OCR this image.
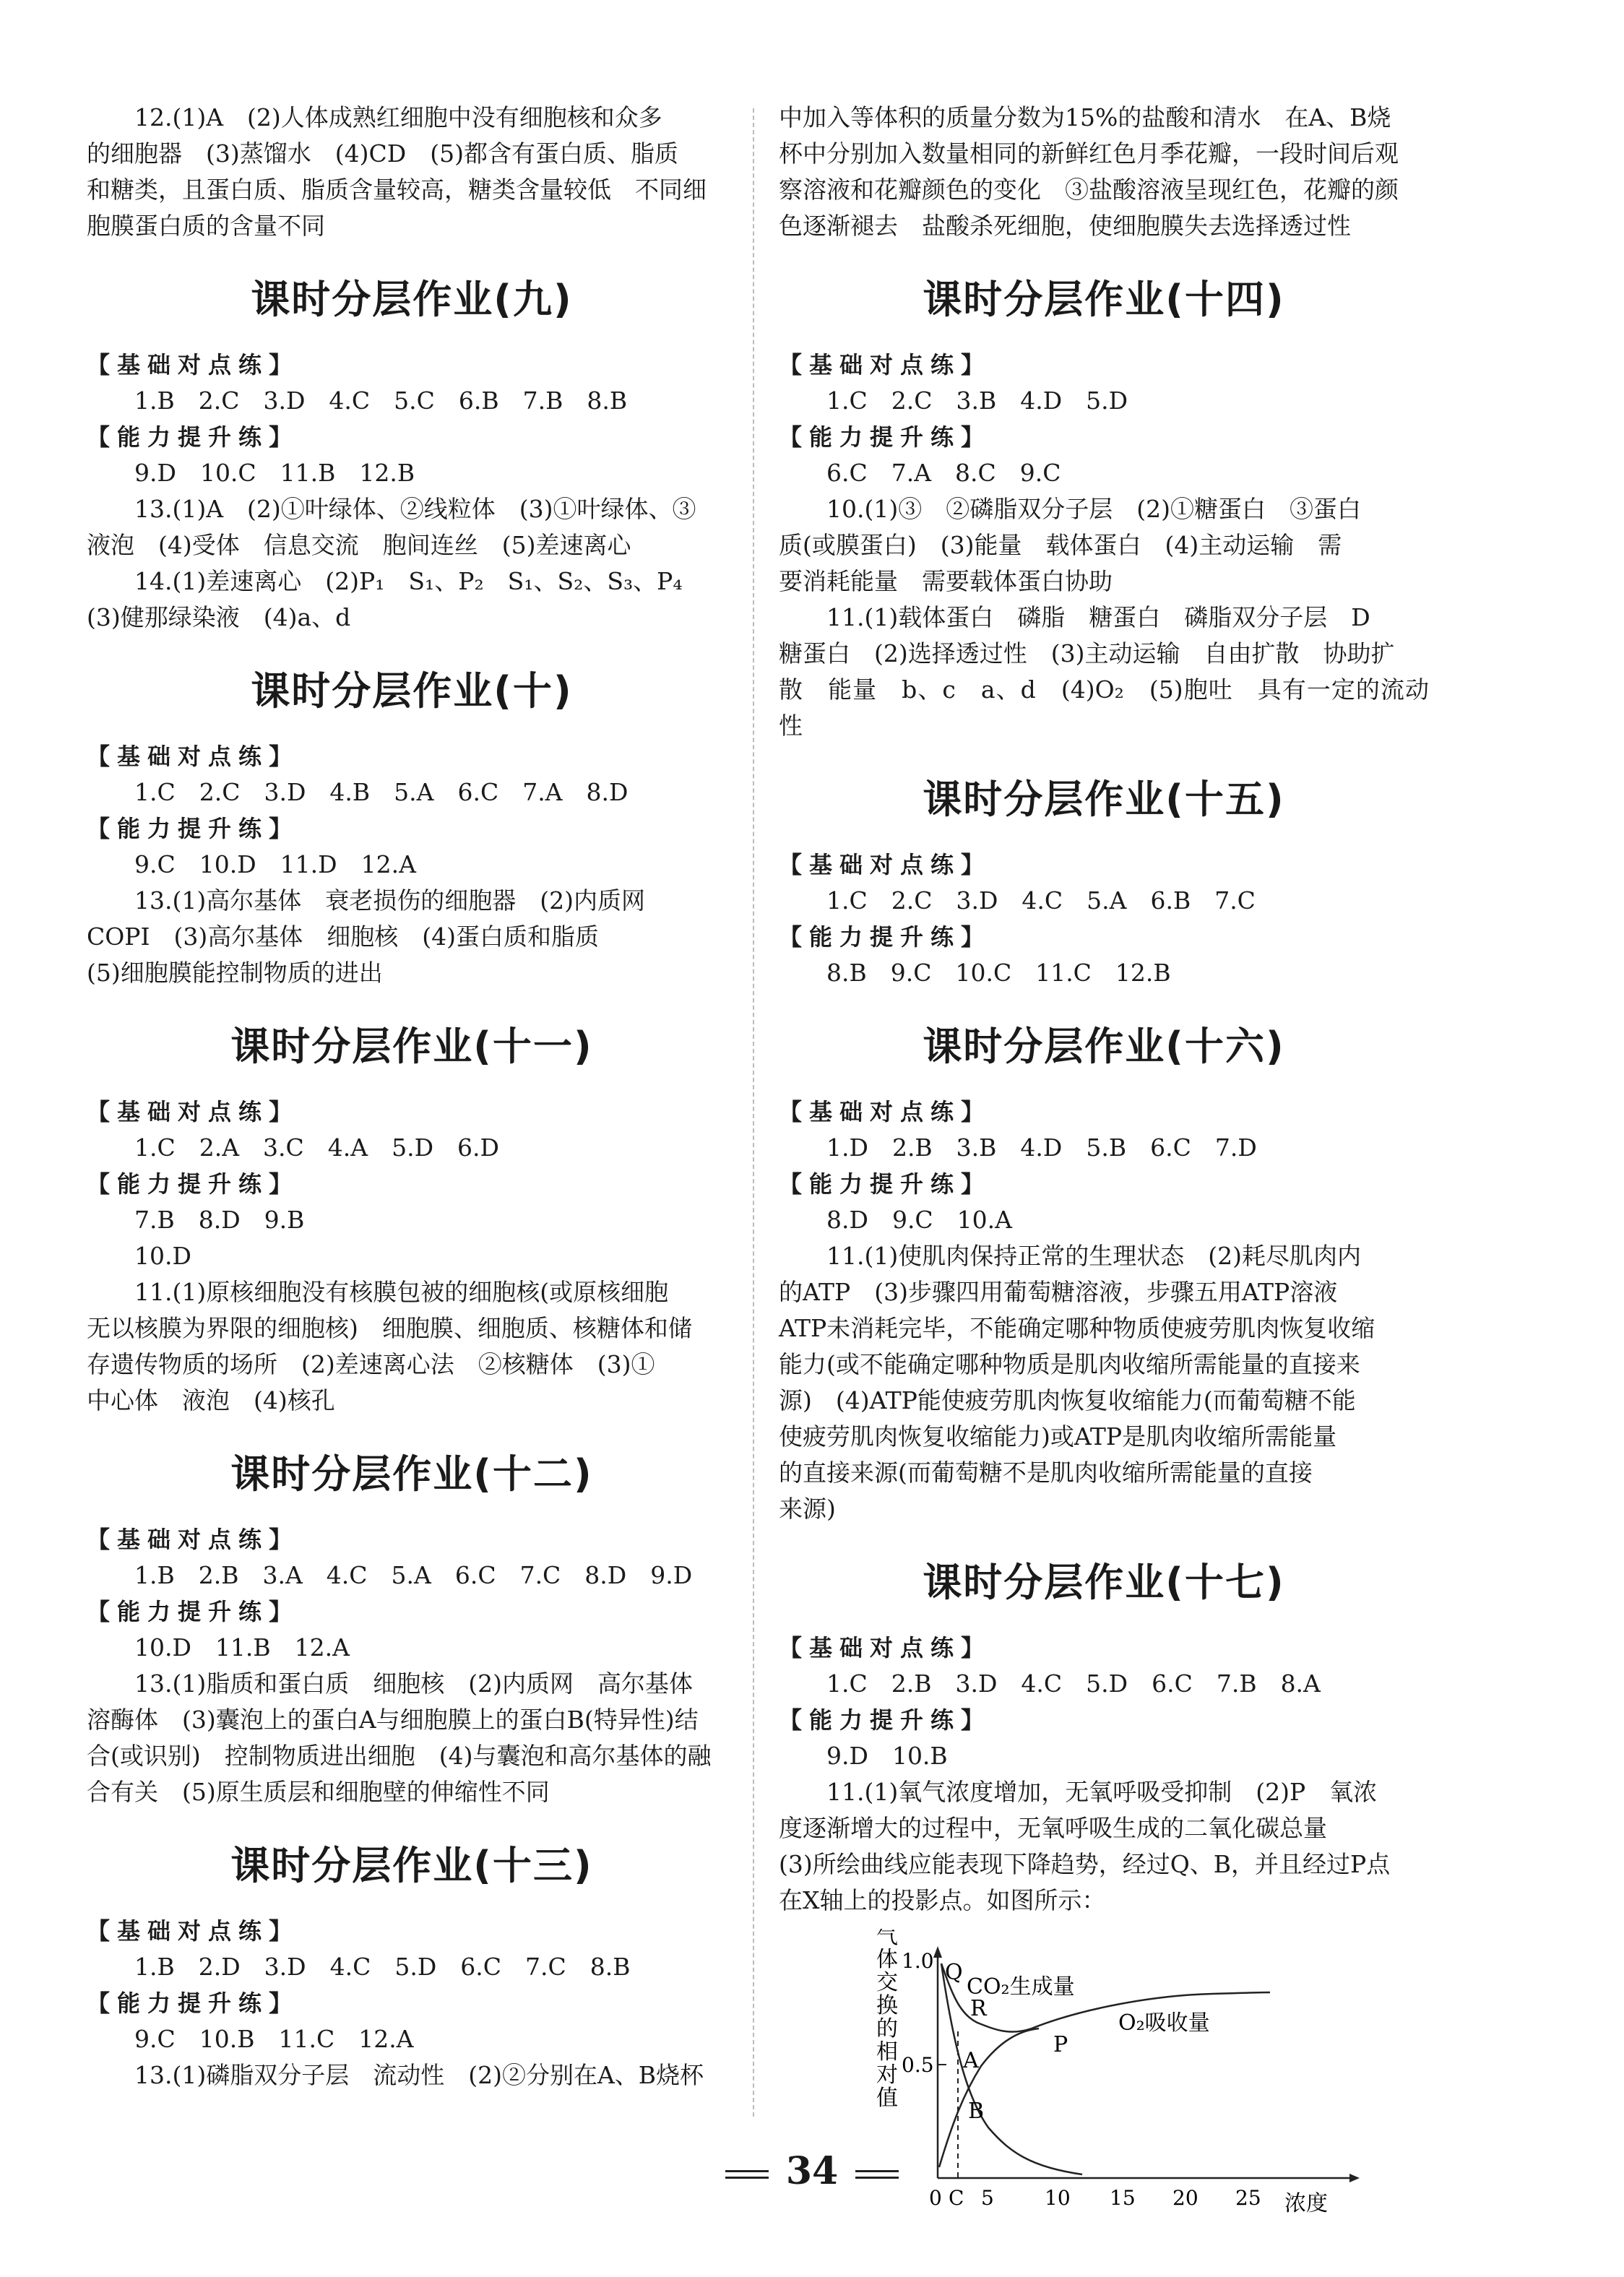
12.(1)A　(2)人体成熟红细胞中没有细胞核和众多

的细胞器　(3)蒸馏水　(4)CD　(5)都含有蛋白质、脂质

和糖类，且蛋白质、脂质含量较高，糖类含量较低　不同细

胞膜蛋白质的含量不同

课时分层作业(九)

【基础对点练】

1.B　2.C　3.D　4.C　5.C　6.B　7.B　8.B

【能力提升练】

9.D　10.C　11.B　12.B

13.(1)A　(2)①叶绿体、②线粒体　(3)①叶绿体、③

液泡　(4)受体　信息交流　胞间连丝　(5)差速离心

14.(1)差速离心　(2)P₁　S₁、P₂　S₁、S₂、S₃、P₄

(3)健那绿染液　(4)a、d

课时分层作业(十)

【基础对点练】

1.C　2.C　3.D　4.B　5.A　6.C　7.A　8.D

【能力提升练】

9.C　10.D　11.D　12.A

13.(1)高尔基体　衰老损伤的细胞器　(2)内质网

COPⅠ　(3)高尔基体　细胞核　(4)蛋白质和脂质

(5)细胞膜能控制物质的进出

课时分层作业(十一)

【基础对点练】

1.C　2.A　3.C　4.A　5.D　6.D

【能力提升练】

7.B　8.D　9.B

10.D

11.(1)原核细胞没有核膜包被的细胞核(或原核细胞

无以核膜为界限的细胞核)　细胞膜、细胞质、核糖体和储

存遗传物质的场所　(2)差速离心法　②核糖体　(3)①

中心体　液泡　(4)核孔

课时分层作业(十二)

【基础对点练】

1.B　2.B　3.A　4.C　5.A　6.C　7.C　8.D　9.D

【能力提升练】

10.D　11.B　12.A

13.(1)脂质和蛋白质　细胞核　(2)内质网　高尔基体

溶酶体　(3)囊泡上的蛋白A与细胞膜上的蛋白B(特异性)结

合(或识别)　控制物质进出细胞　(4)与囊泡和高尔基体的融

合有关　(5)原生质层和细胞壁的伸缩性不同

课时分层作业(十三)

【基础对点练】

1.B　2.D　3.D　4.C　5.D　6.C　7.C　8.B

【能力提升练】

9.C　10.B　11.C　12.A

13.(1)磷脂双分子层　流动性　(2)②分别在A、B烧杯

中加入等体积的质量分数为15%的盐酸和清水　在A、B烧

杯中分别加入数量相同的新鲜红色月季花瓣，一段时间后观

察溶液和花瓣颜色的变化　③盐酸溶液呈现红色，花瓣的颜

色逐渐褪去　盐酸杀死细胞，使细胞膜失去选择透过性

课时分层作业(十四)

【基础对点练】

1.C　2.C　3.B　4.D　5.D

【能力提升练】

6.C　7.A　8.C　9.C

10.(1)③　②磷脂双分子层　(2)①糖蛋白　③蛋白

质(或膜蛋白)　(3)能量　载体蛋白　(4)主动运输　需

要消耗能量　需要载体蛋白协助

11.(1)载体蛋白　磷脂　糖蛋白　磷脂双分子层　D

糖蛋白　(2)选择透过性　(3)主动运输　自由扩散　协助扩

散　能量　b、c　a、d　(4)O₂　(5)胞吐　具有一定的流动性

课时分层作业(十五)

【基础对点练】

1.C　2.C　3.D　4.C　5.A　6.B　7.C

【能力提升练】

8.B　9.C　10.C　11.C　12.B

课时分层作业(十六)

【基础对点练】

1.D　2.B　3.B　4.D　5.B　6.C　7.D

【能力提升练】

8.D　9.C　10.A

11.(1)使肌肉保持正常的生理状态　(2)耗尽肌肉内

的ATP　(3)步骤四用葡萄糖溶液，步骤五用ATP溶液

ATP未消耗完毕，不能确定哪种物质使疲劳肌肉恢复收缩

能力(或不能确定哪种物质是肌肉收缩所需能量的直接来

源)　(4)ATP能使疲劳肌肉恢复收缩能力(而葡萄糖不能

使疲劳肌肉恢复收缩能力)或ATP是肌肉收缩所需能量

的直接来源(而葡萄糖不是肌肉收缩所需能量的直接

来源)

课时分层作业(十七)

【基础对点练】

1.C　2.B　3.D　4.C　5.D　6.C　7.B　8.A

【能力提升练】

9.D　10.B

11.(1)氧气浓度增加，无氧呼吸受抑制　(2)P　氧浓

度逐渐增大的过程中，无氧呼吸生成的二氧化碳总量

(3)所绘曲线应能表现下降趋势，经过Q、B，并且经过P点

在X轴上的投影点。如图所示：

气体交换的相对值
1.0
0.5
0 C 5	10 15 20 25 浓度
Q
R
P
A
B
CO₂生成量
O₂吸收量
34
